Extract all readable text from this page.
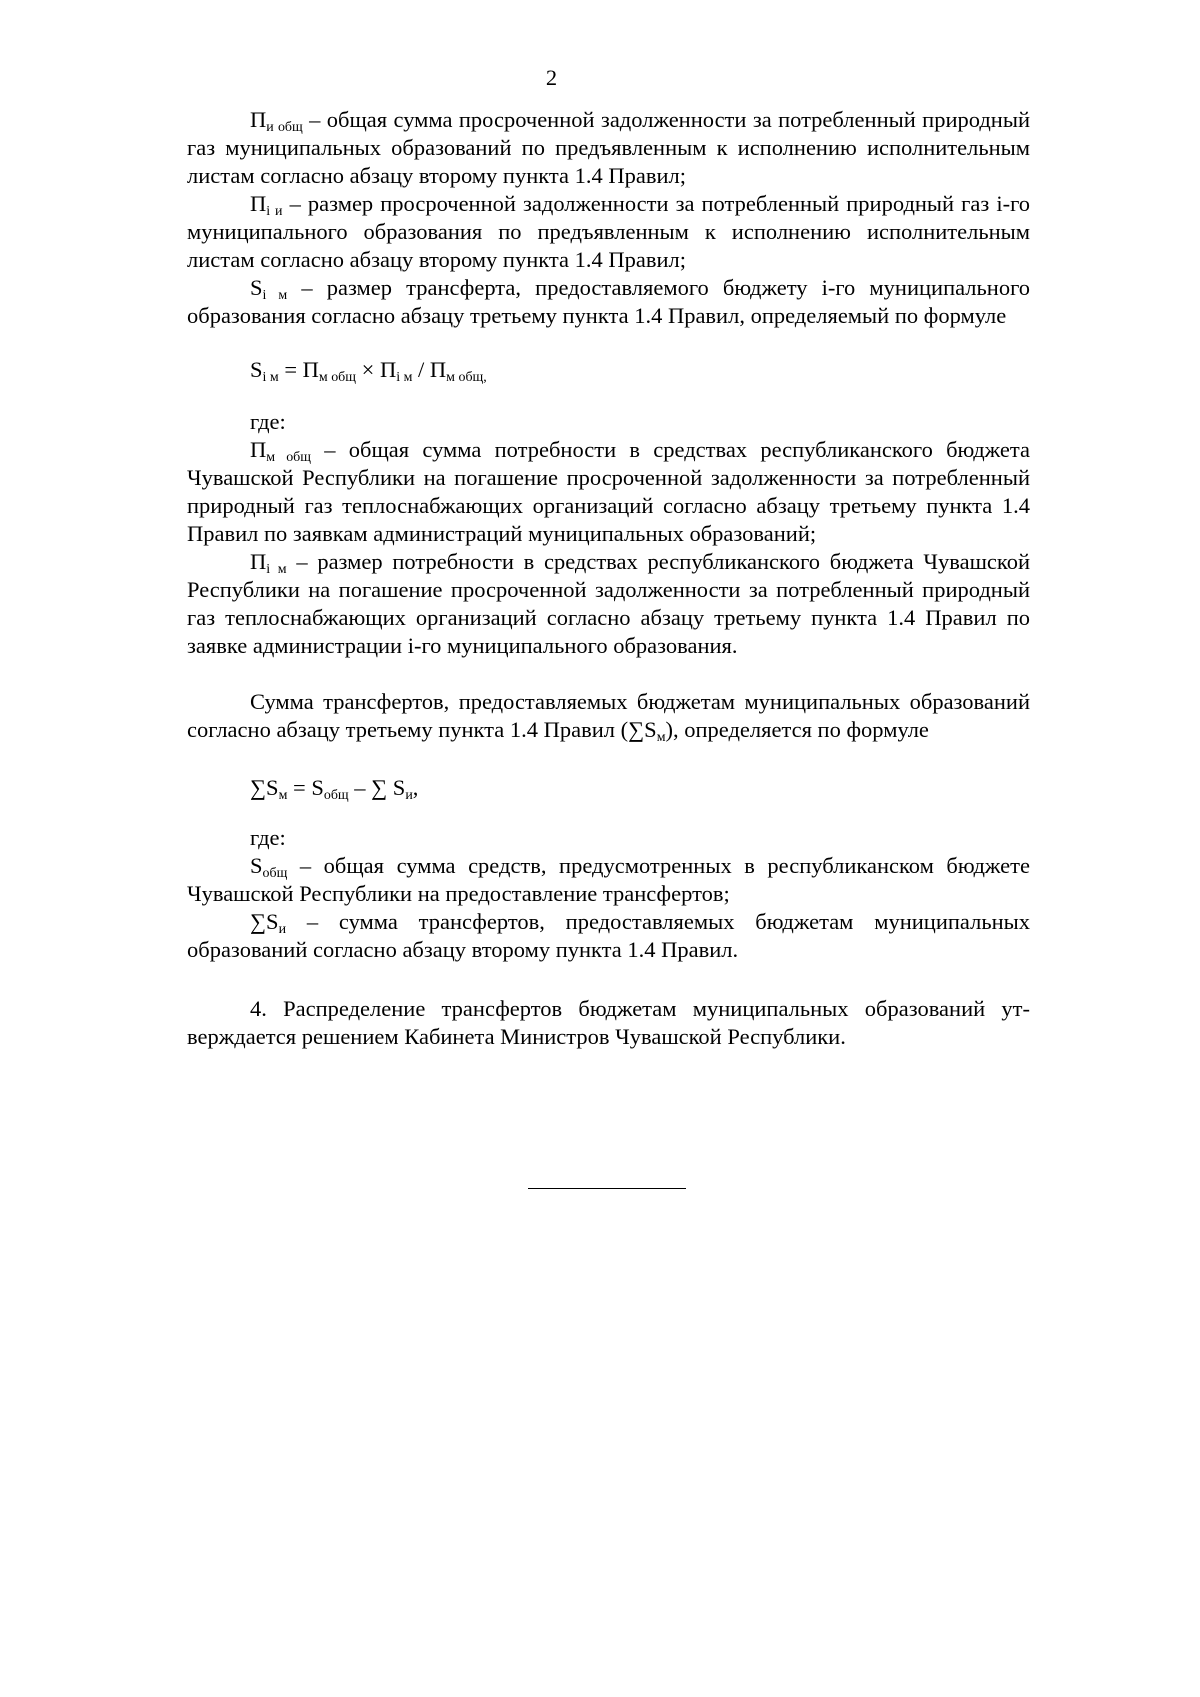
2

$П_{и общ}$ – общая сумма просроченной задолженности за потребленный природный газ муниципальных образований по предъявленным к исполнению исполнительным листам согласно абзацу второму пункта 1.4 Правил;

$П_{i и}$ – размер просроченной задолженности за потребленный природный газ i-го муниципального образования по предъявленным к исполнению исполнительным листам согласно абзацу второму пункта 1.4 Правил;

$S_{i м}$ – размер трансферта, предоставляемого бюджету i-го муниципального образования согласно абзацу третьему пункта 1.4 Правил, определяемый по формуле

$S_{i м} = П_{м общ} \times П_{i м} / П_{м общ,}$

где:

$П_{м общ}$ – общая сумма потребности в средствах республиканского бюджета Чувашской Республики на погашение просроченной задолженности за потребленный природный газ теплоснабжающих организаций согласно абзацу третьему пункта 1.4 Правил по заявкам администраций муниципальных образований;

$П_{i м}$ – размер потребности в средствах республиканского бюджета Чувашской Республики на погашение просроченной задолженности за потребленный природный газ теплоснабжающих организаций согласно абзацу третьему пункта 1.4 Правил по заявке администрации i-го муниципального образования.

Сумма трансфертов, предоставляемых бюджетам муниципальных образований согласно абзацу третьему пункта 1.4 Правил $(\sum S_м)$, определяется по формуле

$\sum S_м = S_{общ}$ – ∑ $S_и$,

где:

$S_{общ}$ – общая сумма средств, предусмотренных в республиканском бюджете Чувашской Республики на предоставление трансфертов;

$\sum S_и$ – сумма трансфертов, предоставляемых бюджетам муниципальных образований согласно абзацу второму пункта 1.4 Правил.

4. Распределение трансфертов бюджетам муниципальных образований утверждается решением Кабинета Министров Чувашской Республики.
